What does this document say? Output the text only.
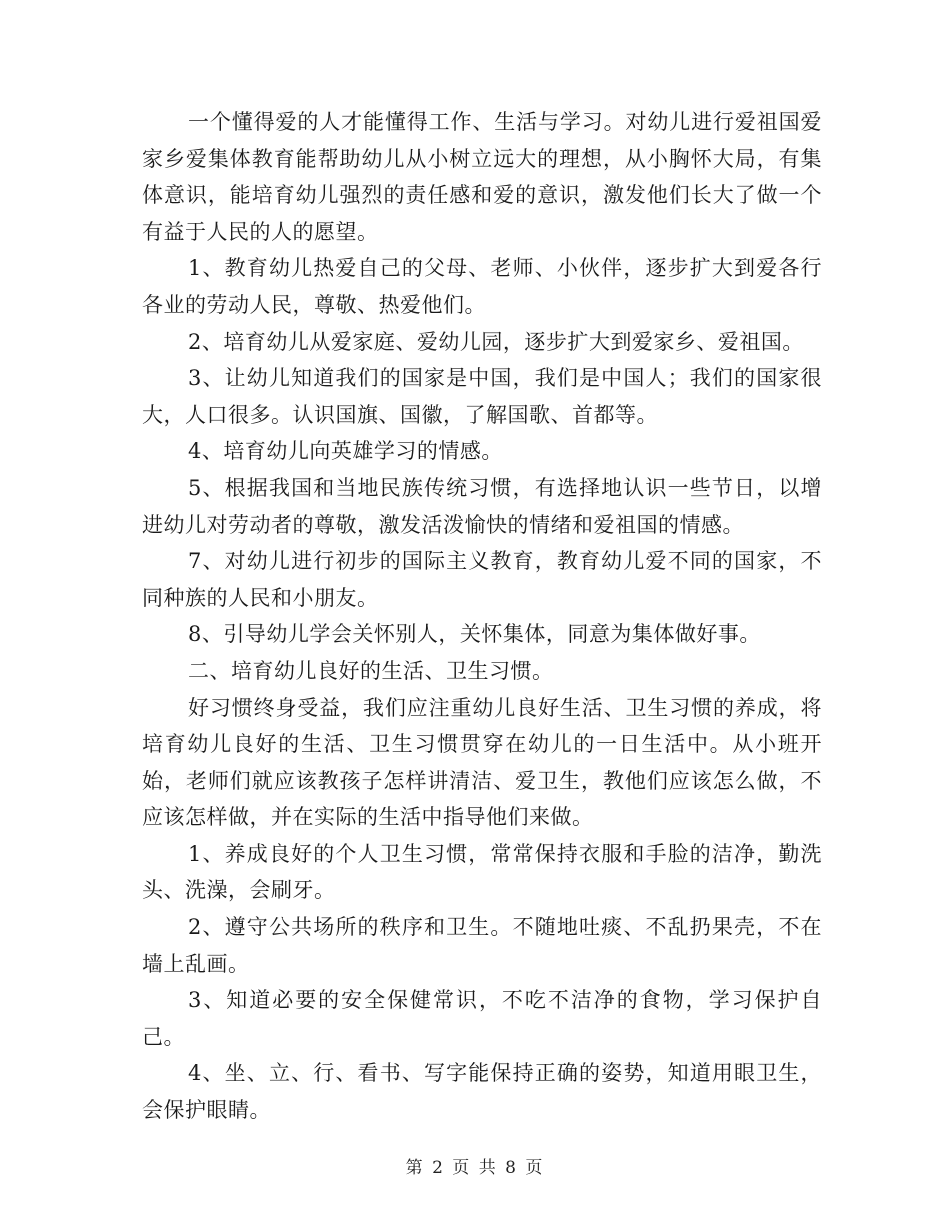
一个懂得爱的人才能懂得工作、生活与学习。对幼儿进行爱祖国爱家乡爱集体教育能帮助幼儿从小树立远大的理想，从小胸怀大局，有集体意识，能培育幼儿强烈的责任感和爱的意识，激发他们长大了做一个有益于人民的人的愿望。

1、教育幼儿热爱自己的父母、老师、小伙伴，逐步扩大到爱各行各业的劳动人民，尊敬、热爱他们。

2、培育幼儿从爱家庭、爱幼儿园，逐步扩大到爱家乡、爱祖国。

3、让幼儿知道我们的国家是中国，我们是中国人；我们的国家很大，人口很多。认识国旗、国徽，了解国歌、首都等。

4、培育幼儿向英雄学习的情感。

5、根据我国和当地民族传统习惯，有选择地认识一些节日，以增进幼儿对劳动者的尊敬，激发活泼愉快的情绪和爱祖国的情感。

7、对幼儿进行初步的国际主义教育，教育幼儿爱不同的国家，不同种族的人民和小朋友。

8、引导幼儿学会关怀别人，关怀集体，同意为集体做好事。

二、培育幼儿良好的生活、卫生习惯。

好习惯终身受益，我们应注重幼儿良好生活、卫生习惯的养成，将培育幼儿良好的生活、卫生习惯贯穿在幼儿的一日生活中。从小班开始，老师们就应该教孩子怎样讲清洁、爱卫生，教他们应该怎么做，不应该怎样做，并在实际的生活中指导他们来做。

1、养成良好的个人卫生习惯，常常保持衣服和手脸的洁净，勤洗头、洗澡，会刷牙。

2、遵守公共场所的秩序和卫生。不随地吐痰、不乱扔果壳，不在墙上乱画。

3、知道必要的安全保健常识，不吃不洁净的食物，学习保护自己。

4、坐、立、行、看书、写字能保持正确的姿势，知道用眼卫生，会保护眼睛。

第 2 页 共 8 页
